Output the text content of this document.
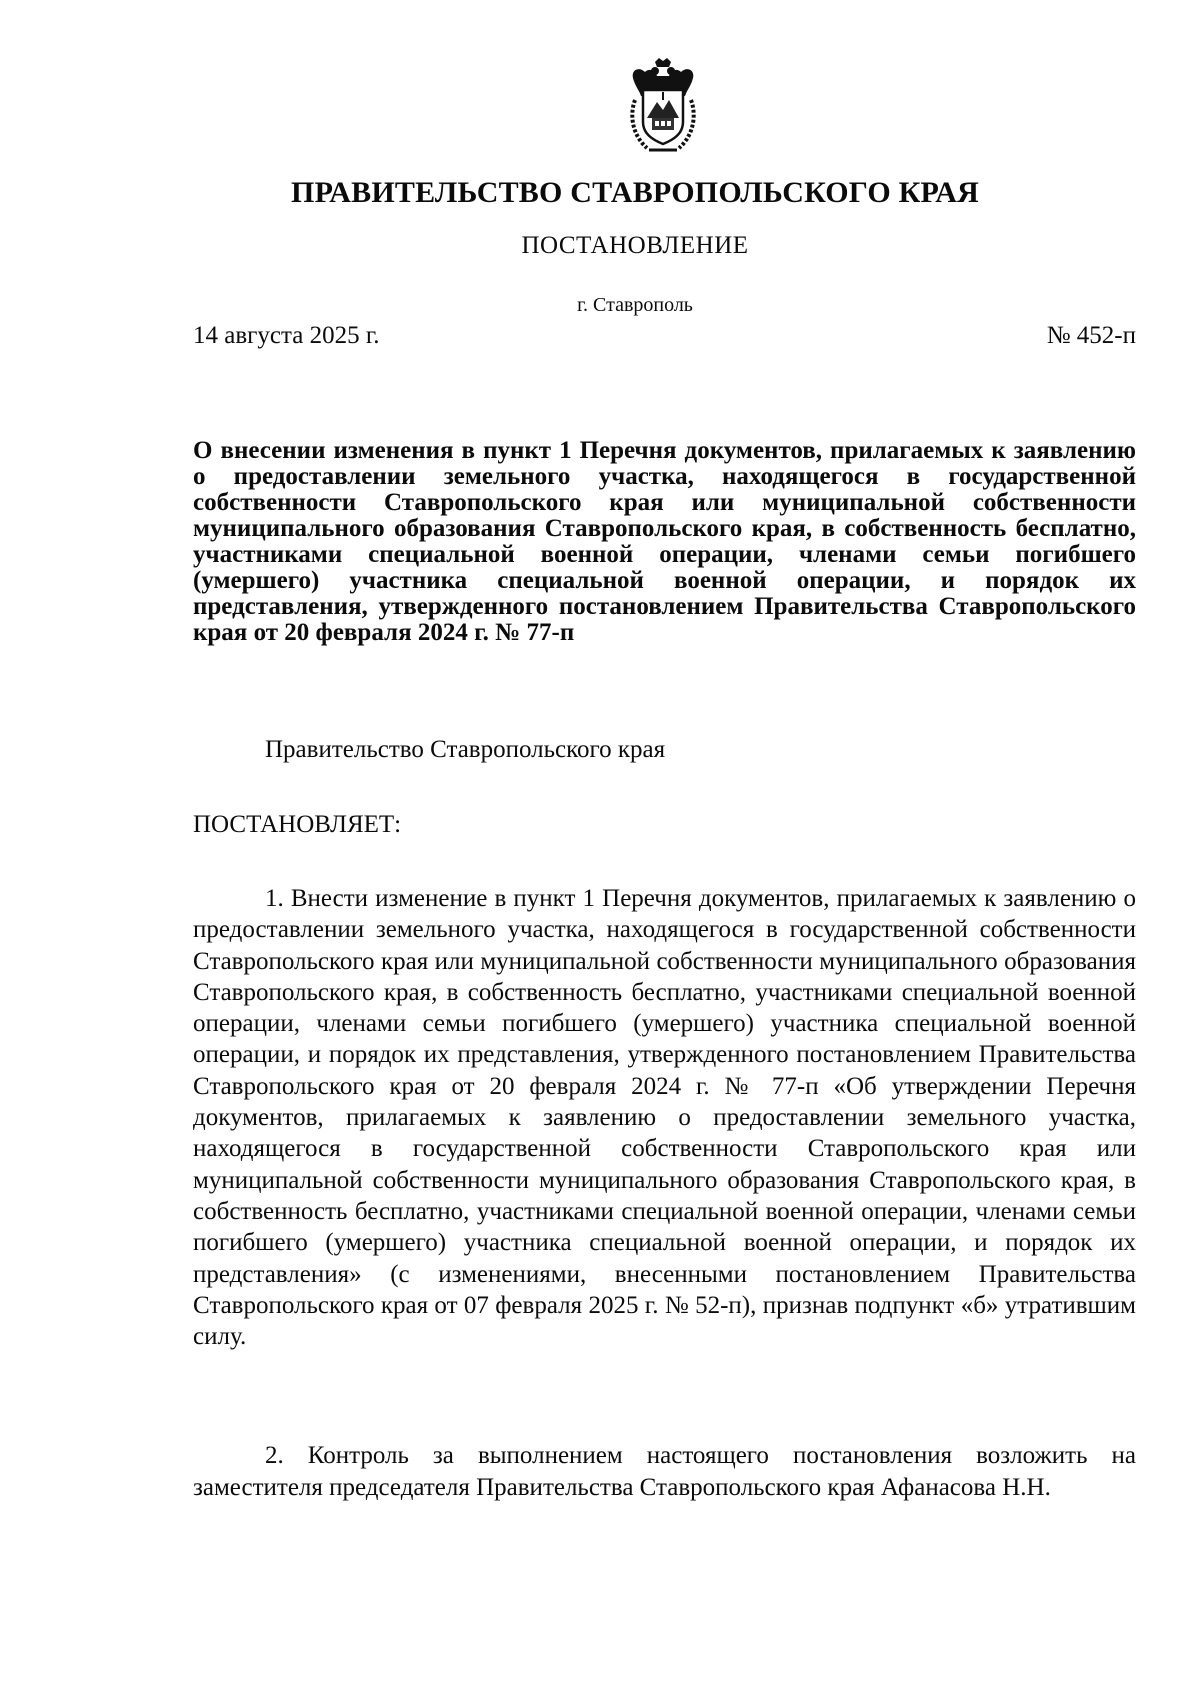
ПРАВИТЕЛЬСТВО СТАВРОПОЛЬСКОГО КРАЯ
ПОСТАНОВЛЕНИЕ
г. Ставрополь
14 августа 2025 г.	№ 452-п

О внесении изменения в пункт 1 Перечня документов, прилагаемых к заявлению о предоставлении земельного участка, находящегося в государственной собственности Ставропольского края или муниципальной собственности муниципального образования Ставропольского края, в собственность бесплатно, участниками специальной военной операции, членами семьи погибшего (умершего) участника специальной военной операции, и порядок их представления, утвержденного постановлением Правительства Ставропольского края от 20 февраля 2024 г. № 77-п

Правительство Ставропольского края

ПОСТАНОВЛЯЕТ:

1. Внести изменение в пункт 1 Перечня документов, прилагаемых к заявлению о предоставлении земельного участка, находящегося в государственной собственности Ставропольского края или муниципальной собственности муниципального образования Ставропольского края, в собственность бесплатно, участниками специальной военной операции, членами семьи погибшего (умершего) участника специальной военной операции, и порядок их представления, утвержденного постановлением Правительства Ставропольского края от 20 февраля 2024 г. № 77-п «Об утверждении Перечня документов, прилагаемых к заявлению о предоставлении земельного участка, находящегося в государственной собственности Ставропольского края или муниципальной собственности муниципального образования Ставропольского края, в собственность бесплатно, участниками специальной военной операции, членами семьи погибшего (умершего) участника специальной военной операции, и порядок их представления» (с изменениями, внесенными постановлением Правительства Ставропольского края от 07 февраля 2025 г. № 52-п), признав подпункт «б» утратившим силу.

2. Контроль за выполнением настоящего постановления возложить на заместителя председателя Правительства Ставропольского края Афанасова Н.Н.
